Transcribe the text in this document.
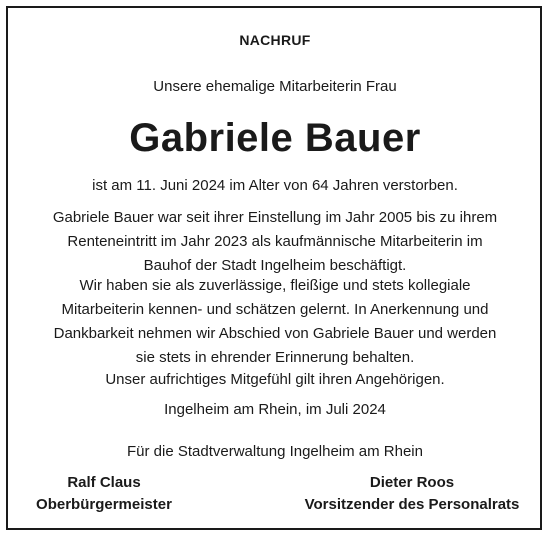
NACHRUF
Unsere ehemalige Mitarbeiterin Frau
Gabriele Bauer
ist am 11. Juni 2024 im Alter von 64 Jahren verstorben.
Gabriele Bauer war seit ihrer Einstellung im Jahr 2005 bis zu ihrem
Renteneintritt im Jahr 2023 als kaufmännische Mitarbeiterin im
Bauhof der Stadt Ingelheim beschäftigt.
Wir haben sie als zuverlässige, fleißige und stets kollegiale
Mitarbeiterin kennen- und schätzen gelernt. In Anerkennung und
Dankbarkeit nehmen wir Abschied von Gabriele Bauer und werden
sie stets in ehrender Erinnerung behalten.
Unser aufrichtiges Mitgefühl gilt ihren Angehörigen.
Ingelheim am Rhein, im Juli 2024
Für die Stadtverwaltung Ingelheim am Rhein
Ralf Claus
Oberbürgermeister
Dieter Roos
Vorsitzender des Personalrats
